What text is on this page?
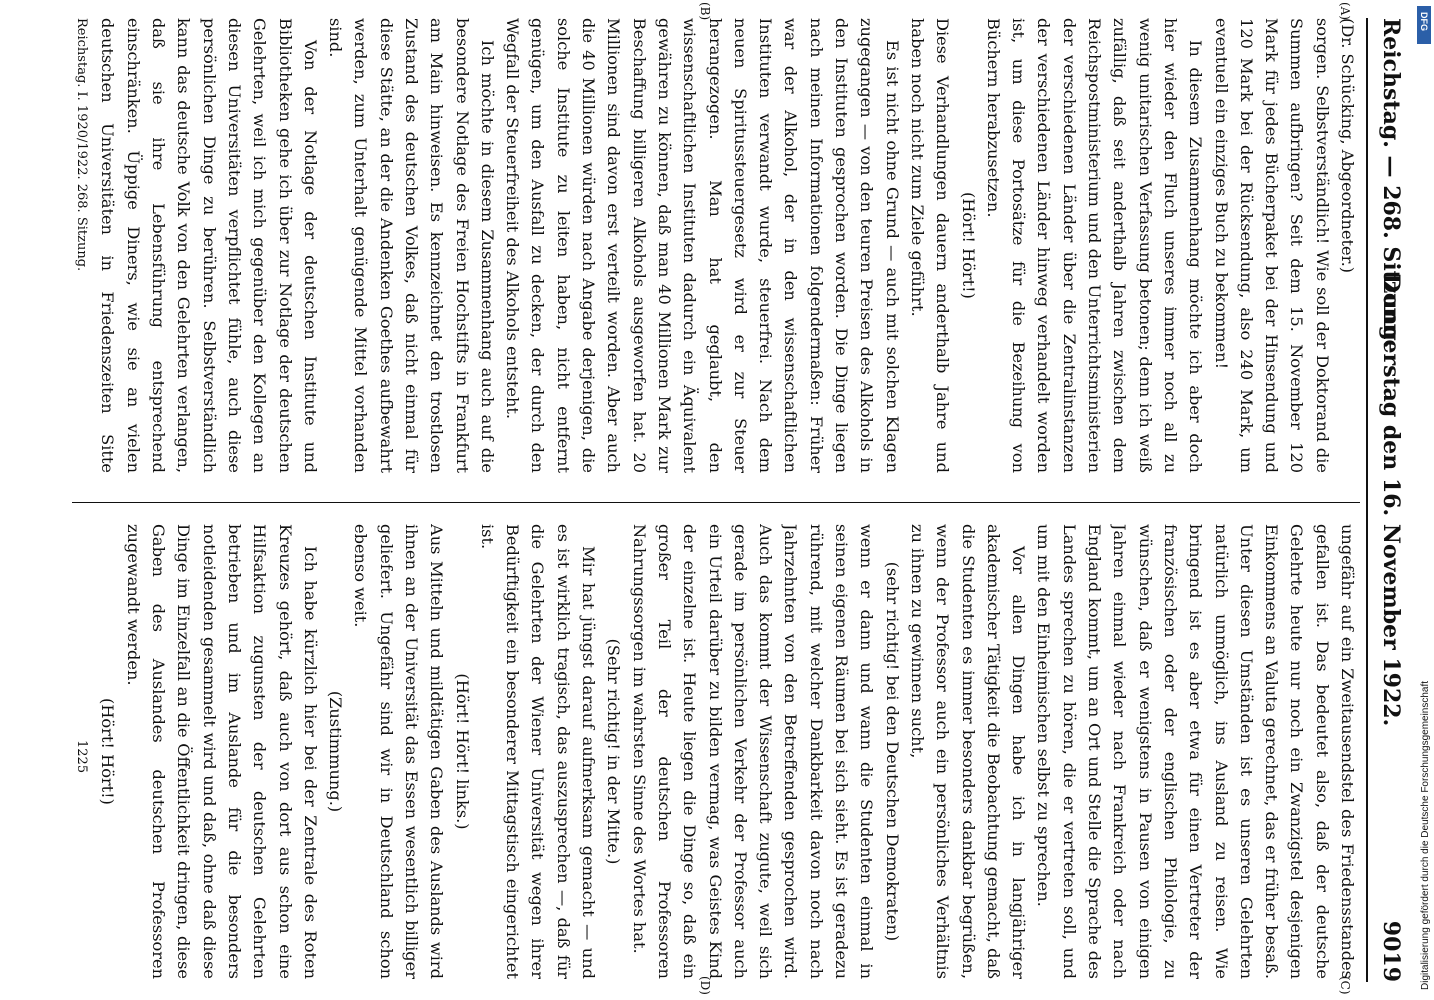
Reichstag. — 268. Sitzung.
Donnerstag den 16. November 1922.
9019
(A)
(B)
(C)
(D)

(Dr. Schücking, Abgeordneter.)

sorgen. Selbstverständlich! Wie soll der Doktorand die Summen aufbringen? Seit dem 15. November 120 Mark für jedes Bücherpaket bei der Hinsendung und 120 Mark bei der Rücksendung, also 240 Mark, um eventuell ein einziges Buch zu bekommen!

In diesem Zusammenhang möchte ich aber doch hier wieder den Fluch unseres immer noch all zu wenig unitarischen Verfassung betonen; denn ich weiß zufällig, daß seit anderthalb Jahren zwischen dem Reichspostministerium und den Unterrichtsministerien der verschiedenen Länder über die Zentralinstanzen der verschiedenen Länder hinweg verhandelt worden ist, um diese Portosätze für die Bezeihung von Büchern herabzusetzen.

(Hört! Hört!)

Diese Verhandlungen dauern anderthalb Jahre und haben noch nicht zum Ziele geführt.

Es ist nicht ohne Grund — auch mit solchen Klagen zugegangen — von den teuren Preisen des Alkohols in den Instituten gesprochen worden. Die Dinge liegen nach meinen Informationen folgendermaßen: Früher war der Alkohol, der in den wissenschaftlichen Instituten verwandt wurde, steuerfrei. Nach dem neuen Spiritussteuergesetz wird er zur Steuer herangezogen. Man hat geglaubt, den wissenschaftlichen Instituten dadurch ein Äquivalent gewähren zu können, daß man 40 Millionen Mark zur Beschaffung billigeren Alkohols ausgeworfen hat. 20 Millionen sind davon erst verteilt worden. Aber auch die 40 Millionen würden nach Angabe derjenigen, die solche Institute zu leiten haben, nicht entfernt genügen, um den Ausfall zu decken, der durch den Wegfall der Steuerfreiheit des Alkohols entsteht.

Ich möchte in diesem Zusammenhang auch auf die besondere Notlage des Freien Hochstifts in Frankfurt am Main hinweisen. Es kennzeichnet den trostlosen Zustand des deutschen Volkes, daß nicht einmal für diese Stätte, an der die Andenken Goethes aufbewahrt werden, zum Unterhalt genügende Mittel vorhanden sind.

Von der Notlage der deutschen Institute und Bibliotheken gehe ich über zur Notlage der deutschen Gelehrten, weil ich mich gegenüber den Kollegen an diesen Universitäten verpflichtet fühle, auch diese persönlichen Dinge zu berühren. Selbstverständlich kann das deutsche Volk von den Gelehrten verlangen, daß sie ihre Lebensführung entsprechend einschränken. Üppige Diners, wie sie an vielen deutschen Universitäten in Friedenszeiten Sitte

ungefähr auf ein Zweitausendstel des Friedensstandes gefallen ist. Das bedeutet also, daß der deutsche Gelehrte heute nur noch ein Zwanzigstel desjenigen Einkommens an Valuta gerechnet, das er früher besaß. Unter diesen Umständen ist es unseren Gelehrten natürlich unmöglich, ins Ausland zu reisen. Wie bringend ist es aber etwa für einen Vertreter der französischen oder der englischen Philologie, zu wünschen, daß er wenigstens in Pausen von einigen Jahren einmal wieder nach Frankreich oder nach England kommt, um an Ort und Stelle die Sprache des Landes sprechen zu hören, die er vertreten soll, und um mit den Einheimischen selbst zu sprechen.

Vor allen Dingen habe ich in langjähriger akademischer Tätigkeit die Beobachtung gemacht, daß die Studenten es immer besonders dankbar begrüßen, wenn der Professor auch ein persönliches Verhältnis zu ihnen zu gewinnen sucht,

(sehr richtig! bei den Deutschen Demokraten)

wenn er dann und wann die Studenten einmal in seinen eigenen Räumen bei sich sieht. Es ist geradezu rührend, mit welcher Dankbarkeit davon noch nach Jahrzehnten von den Betreffenden gesprochen wird. Auch das kommt der Wissenschaft zugute, weil sich gerade im persönlichen Verkehr der Professor auch ein Urteil darüber zu bilden vermag, was Geistes Kind der einzelne ist. Heute liegen die Dinge so, daß ein großer Teil der deutschen Professoren Nahrungssorgen im wahrsten Sinne des Wortes hat.

(Sehr richtig! in der Mitte.)

Mir hat jüngst darauf aufmerksam gemacht — und es ist wirklich tragisch, das auszusprechen —, daß für die Gelehrten der Wiener Universität wegen ihrer Bedürftigkeit ein besonderer Mittagstisch eingerichtet ist.

(Hört! Hört! links.)

Aus Mitteln und mildtätigen Gaben des Auslands wird ihnen an der Universität das Essen wesentlich billiger geliefert. Ungefähr sind wir in Deutschland schon ebenso weit.

(Zustimmung.)

Ich habe kürzlich hier bei der Zentrale des Roten Kreuzes gehört, daß auch von dort aus schon eine Hilfsaktion zugunsten der deutschen Gelehrten betrieben und im Auslande für die besonders notleidenden gesammelt wird und daß, ohne daß diese Dinge im Einzelfall an die Öffentlichkeit dringen, diese Gaben des Auslandes deutschen Professoren zugewandt werden.

(Hört! Hört!)

Reichstag. I. 1920/1922. 268. Sitzung.
1225
DFG
Digitalisierung gefördert durch die Deutsche Forschungsgemeinschaft
